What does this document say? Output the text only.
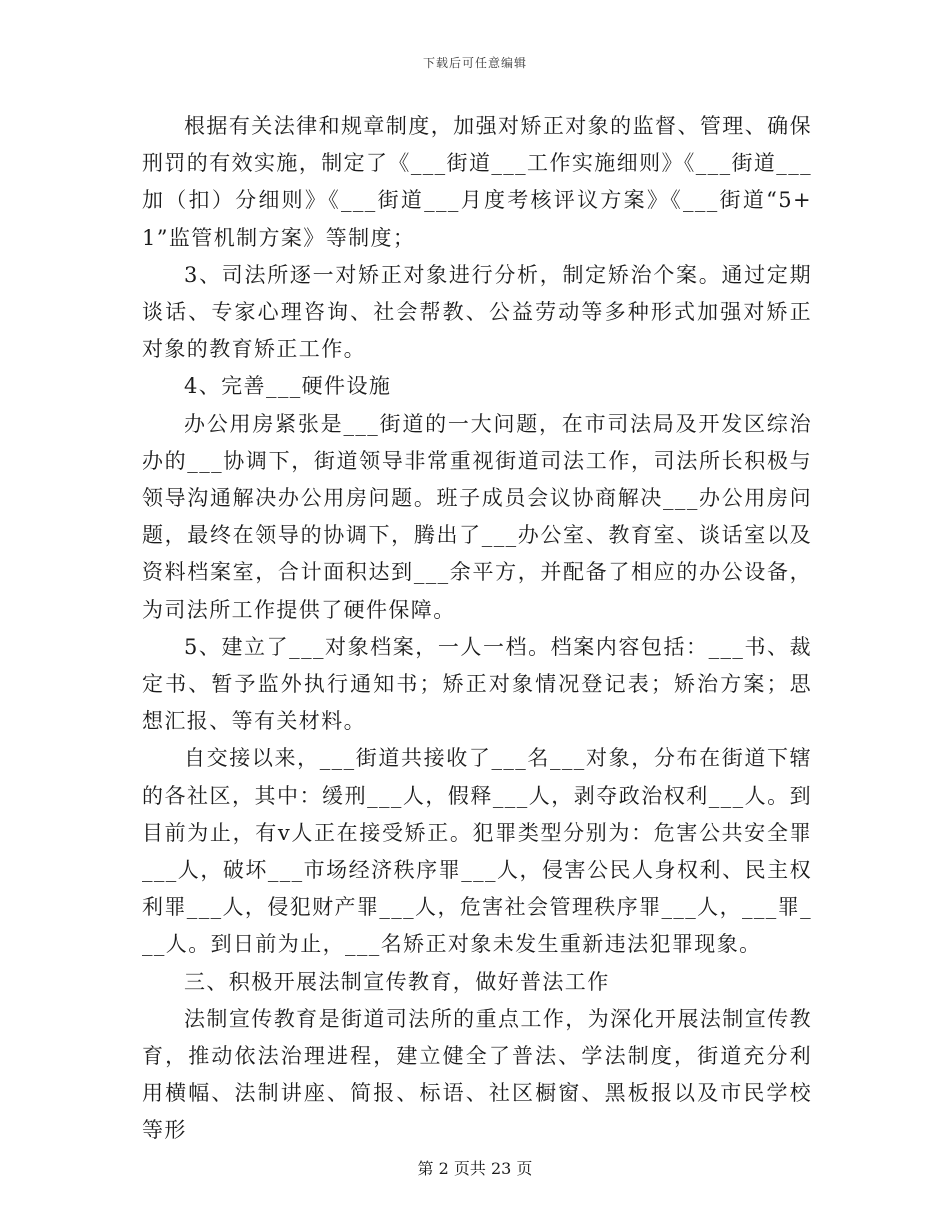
下载后可任意编辑

根据有关法律和规章制度，加强对矫正对象的监督、管理、确保刑罚的有效实施，制定了《___街道___工作实施细则》《___街道___加（扣）分细则》《___街道___月度考核评议方案》《___街道“5+1”监管机制方案》等制度；

3、司法所逐一对矫正对象进行分析，制定矫治个案。通过定期谈话、专家心理咨询、社会帮教、公益劳动等多种形式加强对矫正对象的教育矫正工作。

4、完善___硬件设施

办公用房紧张是___街道的一大问题，在市司法局及开发区综治办的___协调下，街道领导非常重视街道司法工作，司法所长积极与领导沟通解决办公用房问题。班子成员会议协商解决___办公用房问题，最终在领导的协调下，腾出了___办公室、教育室、谈话室以及资料档案室，合计面积达到___余平方，并配备了相应的办公设备，为司法所工作提供了硬件保障。

5、建立了___对象档案，一人一档。档案内容包括：___书、裁定书、暂予监外执行通知书；矫正对象情况登记表；矫治方案；思想汇报、等有关材料。

自交接以来，___街道共接收了___名___对象，分布在街道下辖的各社区，其中：缓刑___人，假释___人，剥夺政治权利___人。到目前为止，有v人正在接受矫正。犯罪类型分别为：危害公共安全罪___人，破坏___市场经济秩序罪___人，侵害公民人身权利、民主权利罪___人，侵犯财产罪___人，危害社会管理秩序罪___人，___罪___人。到日前为止，___名矫正对象未发生重新违法犯罪现象。

三、积极开展法制宣传教育，做好普法工作

法制宣传教育是街道司法所的重点工作，为深化开展法制宣传教育，推动依法治理进程，建立健全了普法、学法制度，街道充分利用横幅、法制讲座、简报、标语、社区橱窗、黑板报以及市民学校等形

第 2 页共 23 页
